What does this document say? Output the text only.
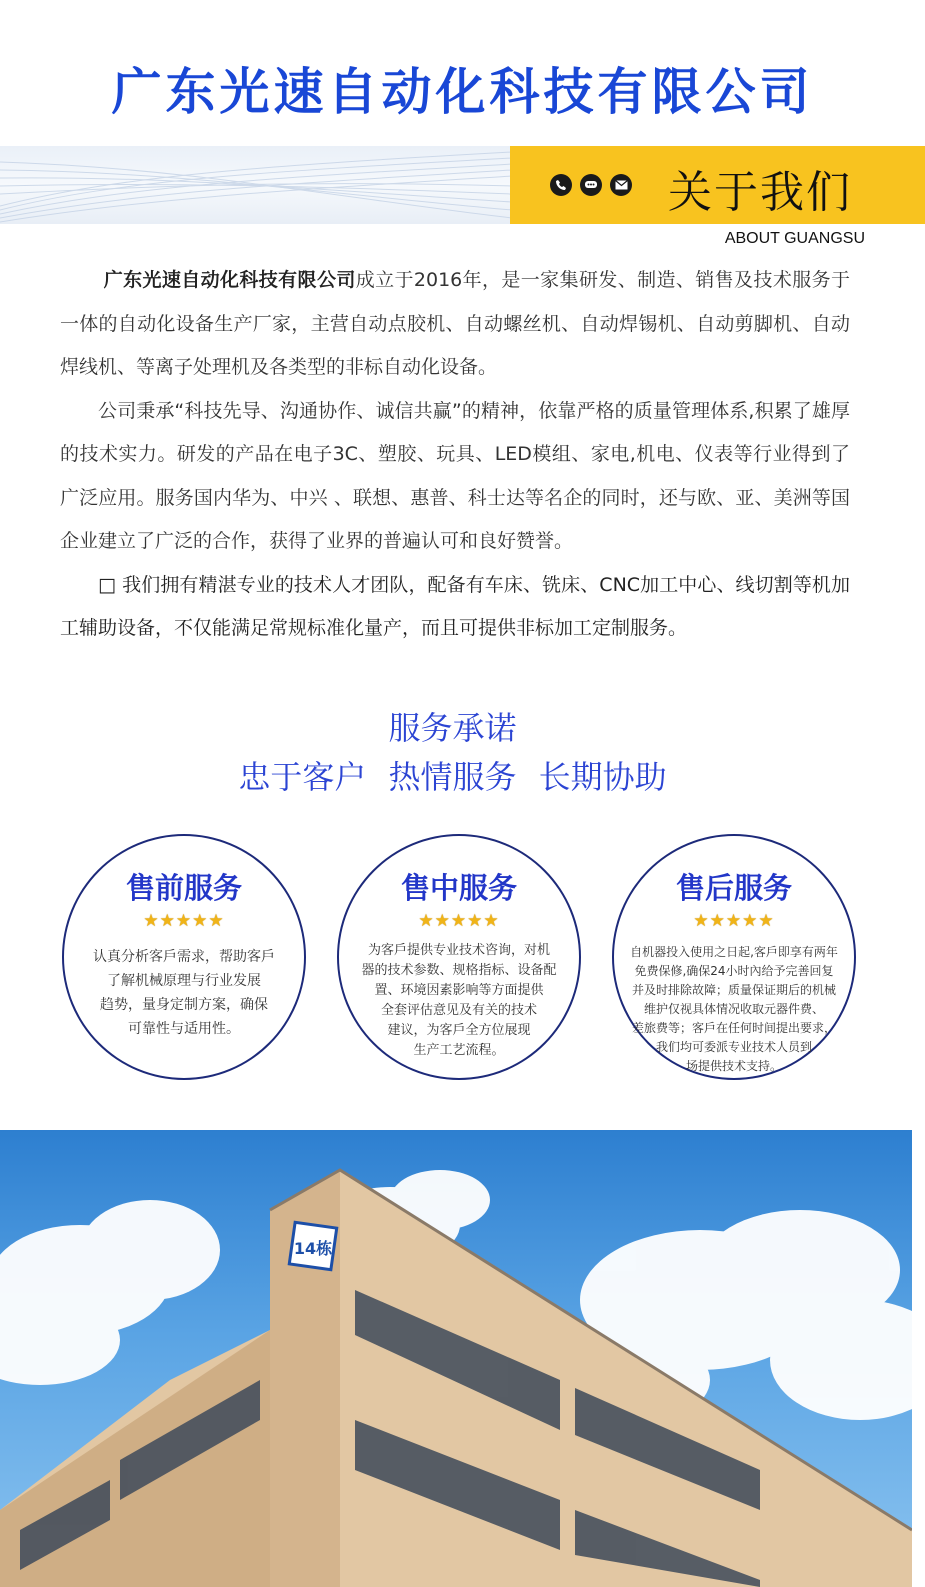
广东光速自动化科技有限公司
关于我们
ABOUT GUANGSU

广东光速自动化科技有限公司成立于2016年，是一家集研发、制造、销售及技术服务于一体的自动化设备生产厂家，主营自动点胶机、自动螺丝机、自动焊锡机、自动剪脚机、自动焊线机、等离子处理机及各类型的非标自动化设备。

公司秉承“科技先导、沟通协作、诚信共赢”的精神，依靠严格的质量管理体系,积累了雄厚的技术实力。研发的产品在电子3C、塑胶、玩具、LED模组、家电,机电、仪表等行业得到了广泛应用。服务国内华为、中兴 、联想、惠普、科士达等名企的同时，还与欧、亚、美洲等国企业建立了广泛的合作，获得了业界的普遍认可和良好赞誉。

□ 我们拥有精湛专业的技术人才团队，配备有车床、铣床、CNC加工中心、线切割等机加工辅助设备，不仅能满足常规标准化量产，而且可提供非标加工定制服务。

服务承诺
忠于客户 热情服务 长期协助
售前服务
★★★★★
认真分析客戶需求，帮助客戶
了解机械原理与行业发展
趋势，量身定制方案，确保
可靠性与适用性。
售中服务
★★★★★
为客戶提供专业技术咨询，对机
器的技术参数、规格指标、设备配
置、环境因素影响等方面提供
全套评估意见及有关的技术
建议，为客戶全方位展现
生产工艺流程。
售后服务
★★★★★
自机器投入使用之日起,客戶即享有两年
免费保修,确保24小时內给予完善回复
并及时排除故障；质量保证期后的机械
维护仅视具体情况收取元器件费、
差旅费等；客戶在任何时间提出要求，
我们均可委派专业技术人员到
场提供技术支持。
14栋
